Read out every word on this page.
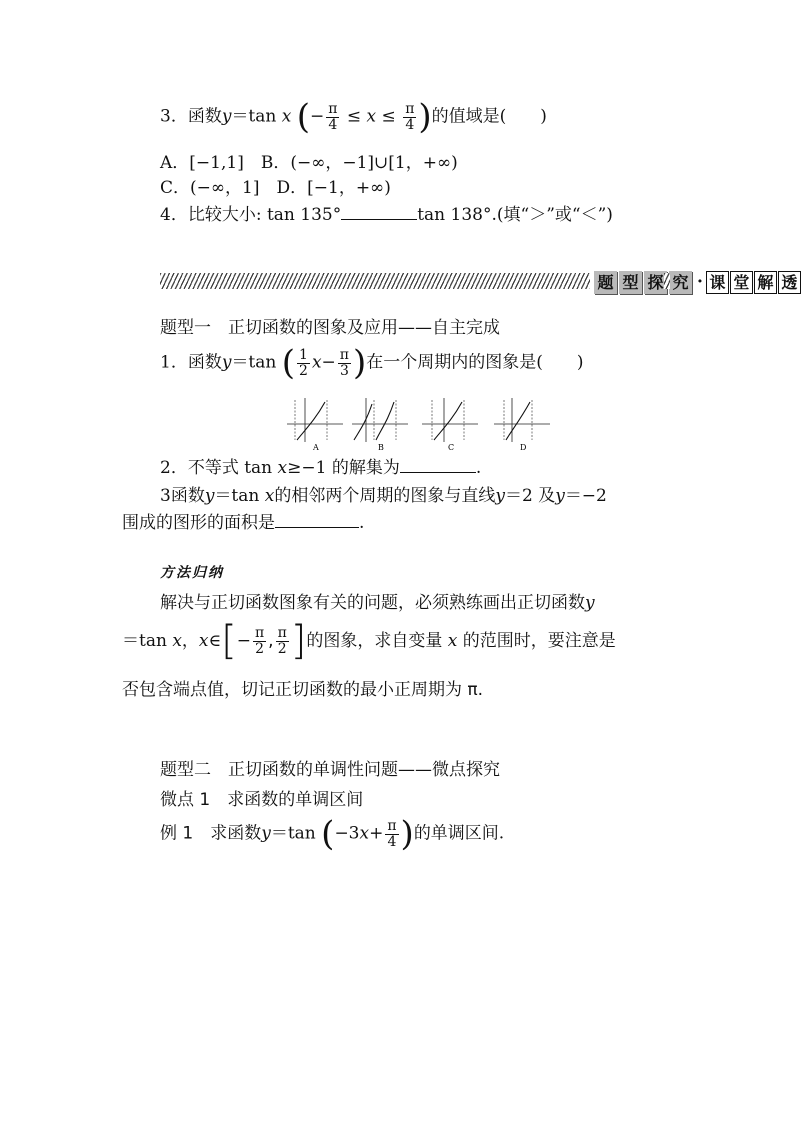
3．函数y＝tan x (− $\frac{\pi}{4} \le x \le \frac{\pi}{4}$ )的值域是(　　)
A．[−1,1]　B．(−∞，−1]∪[1，+∞)
C．(−∞，1]　D．[−1，+∞)
4．比较大小: tan 135°	tan 138°.(填“＞”或“＜”)
题 型 探 究 · 课 堂 解 透
题型一　正切函数的图象及应用——自主完成
1．函数y＝tan ( $\frac{1}{2} x- \frac{\pi}{3}$ )在一个周期内的图象是(　　)
A	B	C	D
2．不等式 tan x≥−1 的解集为	.
3函数y＝tan x的相邻两个周期的图象与直线y＝2 及y＝−2
围成的图形的面积是	.
方法归纳
解决与正切函数图象有关的问题，必须熟练画出正切函数y
＝tan x，x∈[− $\frac{\pi}{2}$ , $\frac{\pi}{2}$ ]的图象，求自变量 x 的范围时，要注意是
否包含端点值，切记正切函数的最小正周期为 π.
题型二　正切函数的单调性问题——微点探究
微点 1　求函数的单调区间
例 1　求函数y＝tan ($-3x+ \frac{\pi}{4}$ )的单调区间.
